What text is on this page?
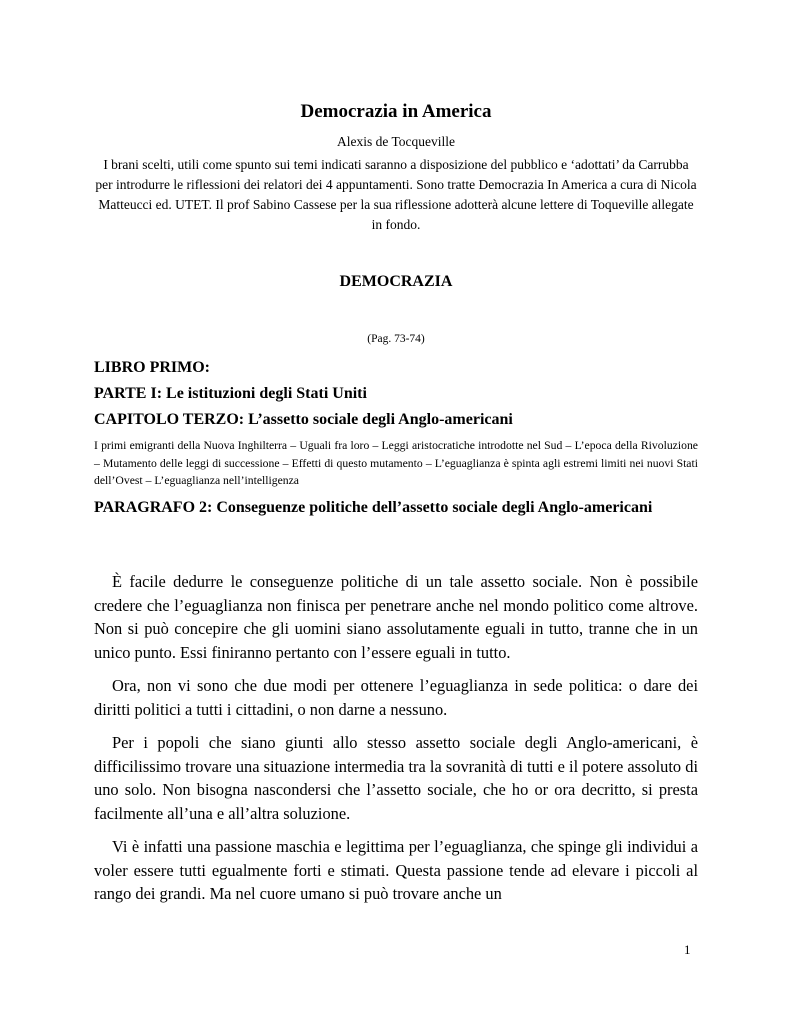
Democrazia in America
Alexis de Tocqueville

I brani scelti, utili come spunto sui temi indicati saranno a disposizione del pubblico e ‘adottati’ da Carrubba per introdurre le riflessioni dei relatori dei 4 appuntamenti. Sono tratte Democrazia In America a cura di Nicola Matteucci ed. UTET. Il prof Sabino Cassese per la sua riflessione adotterà alcune lettere di Toqueville allegate in fondo.

DEMOCRAZIA
(Pag. 73-74)
LIBRO PRIMO:
PARTE I: Le istituzioni degli Stati Uniti
CAPITOLO TERZO: L’assetto sociale degli Anglo-americani

I primi emigranti della Nuova Inghilterra – Uguali fra loro – Leggi aristocratiche introdotte nel Sud – L’epoca della Rivoluzione – Mutamento delle leggi di successione – Effetti di questo mutamento – L’eguaglianza è spinta agli estremi limiti nei nuovi Stati dell’Ovest – L’eguaglianza nell’intelligenza

PARAGRAFO 2: Conseguenze politiche dell’assetto sociale degli Anglo-americani

È facile dedurre le conseguenze politiche di un tale assetto sociale. Non è possibile credere che l’eguaglianza non finisca per penetrare anche nel mondo politico come altrove. Non si può concepire che gli uomini siano assolutamente eguali in tutto, tranne che in un unico punto. Essi finiranno pertanto con l’essere eguali in tutto.

Ora, non vi sono che due modi per ottenere l’eguaglianza in sede politica: o dare dei diritti politici a tutti i cittadini, o non darne a nessuno.

Per i popoli che siano giunti allo stesso assetto sociale degli Anglo-americani, è difficilissimo trovare una situazione intermedia tra la sovranità di tutti e il potere assoluto di uno solo. Non bisogna nascondersi che l’assetto sociale, che ho or ora decritto, si presta facilmente all’una e all’altra soluzione.

Vi è infatti una passione maschia e legittima per l’eguaglianza, che spinge gli individui a voler essere tutti egualmente forti e stimati. Questa passione tende ad elevare i piccoli al rango dei grandi. Ma nel cuore umano si può trovare anche un

1
